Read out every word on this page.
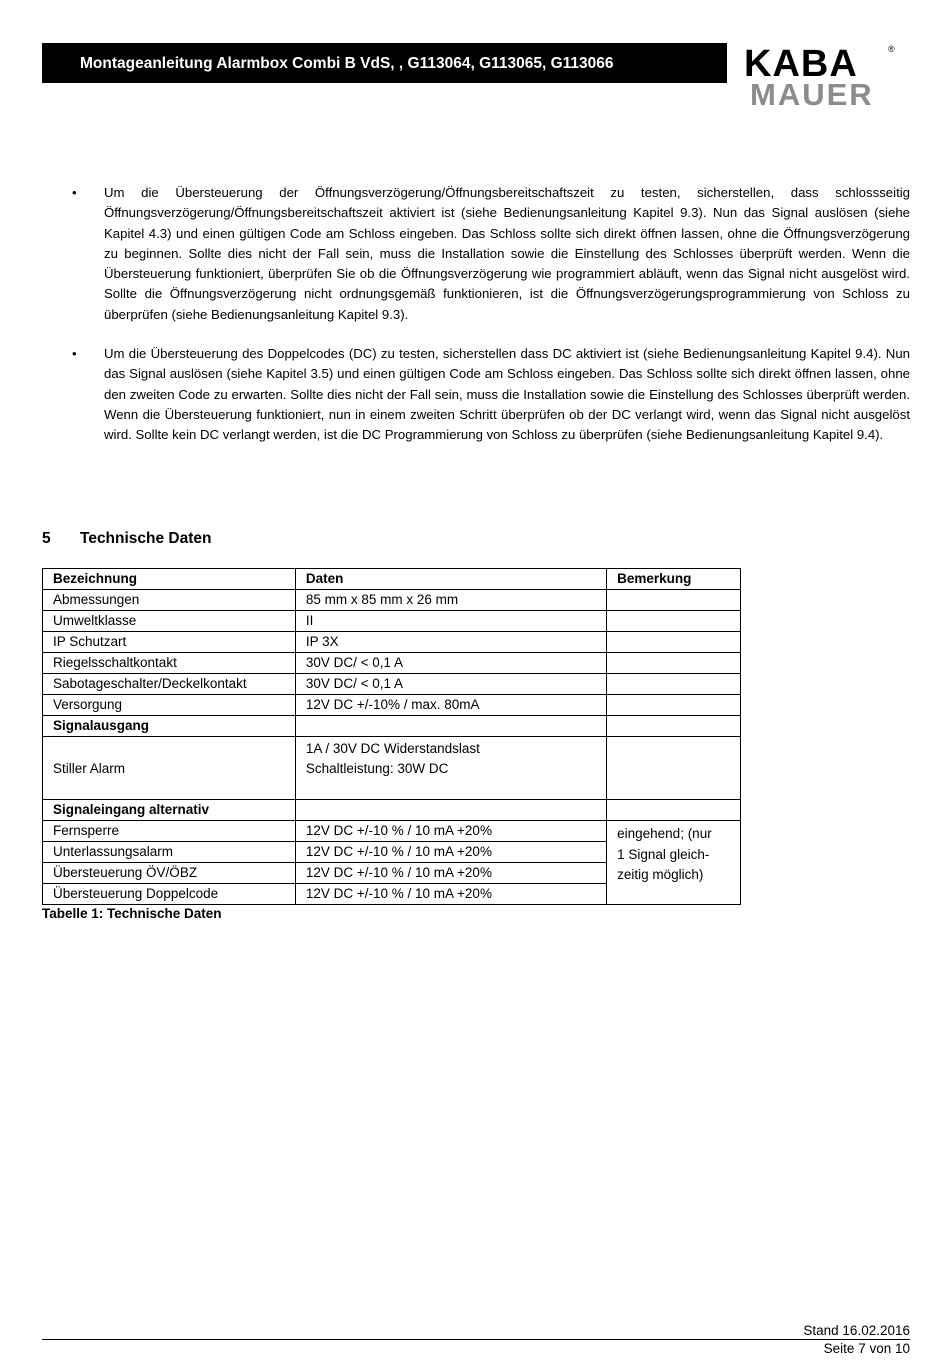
Montageanleitung Alarmbox Combi B VdS, , G113064, G113065, G113066	KABA	®
MAUER

• Um die Übersteuerung der Öffnungsverzögerung/Öffnungsbereitschaftszeit zu testen, sicherstellen, dass schlossseitig Öffnungsverzögerung/Öffnungsbereitschaftszeit aktiviert ist (siehe Bedienungsanleitung Kapitel 9.3). Nun das Signal auslösen (siehe Kapitel 4.3) und einen gültigen Code am Schloss eingeben. Das Schloss sollte sich direkt öffnen lassen, ohne die Öffnungsverzögerung zu beginnen. Sollte dies nicht der Fall sein, muss die Installation sowie die Einstellung des Schlosses überprüft werden. Wenn die Übersteuerung funktioniert, überprüfen Sie ob die Öffnungsverzögerung wie programmiert abläuft, wenn das Signal nicht ausgelöst wird. Sollte die Öffnungsverzögerung nicht ordnungsgemäß funktionieren, ist die Öffnungsverzögerungsprogrammierung von Schloss zu überprüfen (siehe Bedienungsanleitung Kapitel 9.3).

• Um die Übersteuerung des Doppelcodes (DC) zu testen, sicherstellen dass DC aktiviert ist (siehe Bedienungsanleitung Kapitel 9.4). Nun das Signal auslösen (siehe Kapitel 3.5) und einen gültigen Code am Schloss eingeben. Das Schloss sollte sich direkt öffnen lassen, ohne den zweiten Code zu erwarten. Sollte dies nicht der Fall sein, muss die Installation sowie die Einstellung des Schlosses überprüft werden. Wenn die Übersteuerung funktioniert, nun in einem zweiten Schritt überprüfen ob der DC verlangt wird, wenn das Signal nicht ausgelöst wird. Sollte kein DC verlangt werden, ist die DC Programmierung von Schloss zu überprüfen (siehe Bedienungsanleitung Kapitel 9.4).

5 Technische Daten
Bezeichnung	Daten	Bemerkung
Abmessungen	85 mm x 85 mm x 26 mm	
Umweltklasse	II	
IP Schutzart	IP 3X	
Riegelsschaltkontakt	30V DC/ < 0,1 A	
Sabotageschalter/Deckelkontakt	30V DC/ < 0,1 A	
Versorgung	12V DC +/-10% / max. 80mA	
Signalausgang		
Stiller Alarm	1A / 30V DC Widerstandslast
Schaltleistung: 30W DC	

Signaleingang alternativ		
Fernsperre	12V DC +/-10 % / 10 mA +20%	eingehend; (nur
1 Signal gleich-
zeitig möglich)

Unterlassungsalarm	12V DC +/-10 % / 10 mA +20%	
Übersteuerung ÖV/ÖBZ	12V DC +/-10 % / 10 mA +20%	
Übersteuerung Doppelcode	12V DC +/-10 % / 10 mA +20%	
Tabelle 1: Technische Daten
Stand 16.02.2016
Seite 7 von 10
